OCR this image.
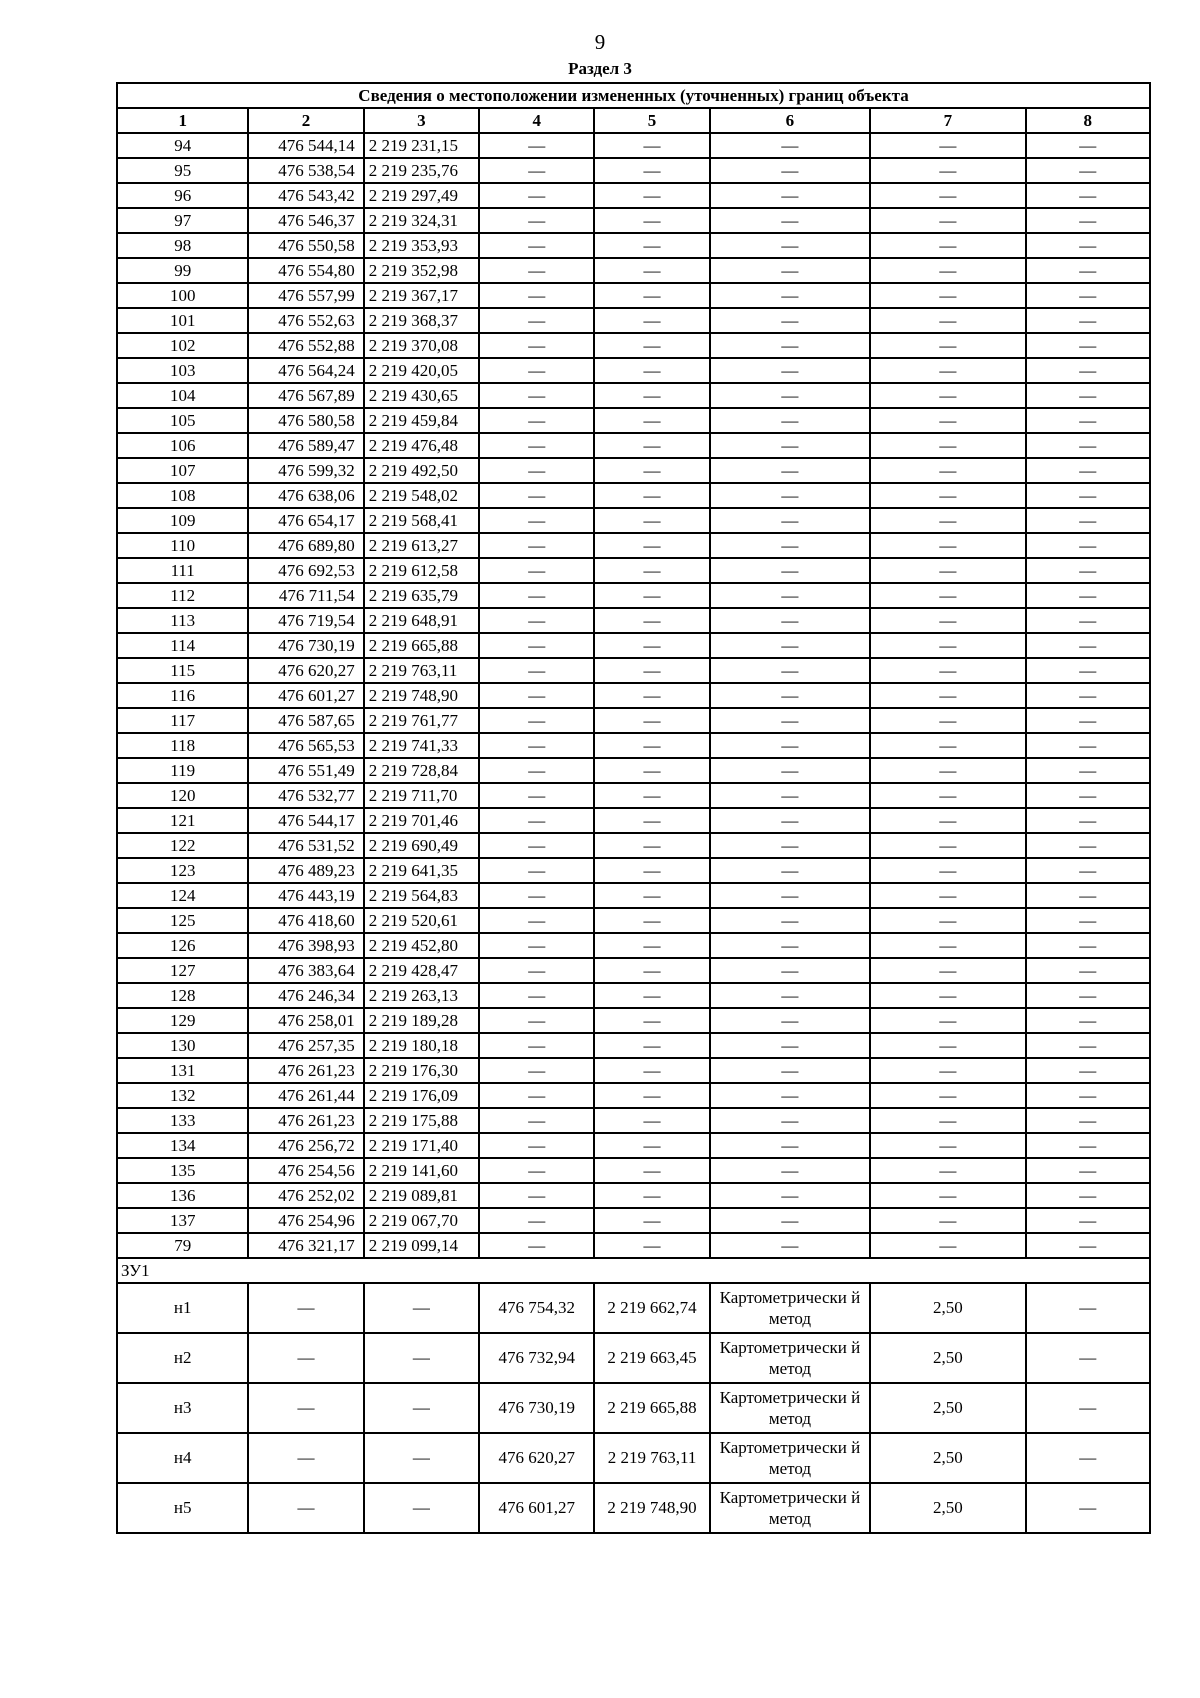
9
Раздел 3
Сведения о местоположении измененных (уточненных) границ объекта							
1	2	3	4	5	6	7	8
94	476 544,14	2 219 231,15	—	—	—	—	—
95	476 538,54	2 219 235,76	—	—	—	—	—
96	476 543,42	2 219 297,49	—	—	—	—	—
97	476 546,37	2 219 324,31	—	—	—	—	—
98	476 550,58	2 219 353,93	—	—	—	—	—
99	476 554,80	2 219 352,98	—	—	—	—	—
100	476 557,99	2 219 367,17	—	—	—	—	—
101	476 552,63	2 219 368,37	—	—	—	—	—
102	476 552,88	2 219 370,08	—	—	—	—	—
103	476 564,24	2 219 420,05	—	—	—	—	—
104	476 567,89	2 219 430,65	—	—	—	—	—
105	476 580,58	2 219 459,84	—	—	—	—	—
106	476 589,47	2 219 476,48	—	—	—	—	—
107	476 599,32	2 219 492,50	—	—	—	—	—
108	476 638,06	2 219 548,02	—	—	—	—	—
109	476 654,17	2 219 568,41	—	—	—	—	—
110	476 689,80	2 219 613,27	—	—	—	—	—
111	476 692,53	2 219 612,58	—	—	—	—	—
112	476 711,54	2 219 635,79	—	—	—	—	—
113	476 719,54	2 219 648,91	—	—	—	—	—
114	476 730,19	2 219 665,88	—	—	—	—	—
115	476 620,27	2 219 763,11	—	—	—	—	—
116	476 601,27	2 219 748,90	—	—	—	—	—
117	476 587,65	2 219 761,77	—	—	—	—	—
118	476 565,53	2 219 741,33	—	—	—	—	—
119	476 551,49	2 219 728,84	—	—	—	—	—
120	476 532,77	2 219 711,70	—	—	—	—	—
121	476 544,17	2 219 701,46	—	—	—	—	—
122	476 531,52	2 219 690,49	—	—	—	—	—
123	476 489,23	2 219 641,35	—	—	—	—	—
124	476 443,19	2 219 564,83	—	—	—	—	—
125	476 418,60	2 219 520,61	—	—	—	—	—
126	476 398,93	2 219 452,80	—	—	—	—	—
127	476 383,64	2 219 428,47	—	—	—	—	—
128	476 246,34	2 219 263,13	—	—	—	—	—
129	476 258,01	2 219 189,28	—	—	—	—	—
130	476 257,35	2 219 180,18	—	—	—	—	—
131	476 261,23	2 219 176,30	—	—	—	—	—
132	476 261,44	2 219 176,09	—	—	—	—	—
133	476 261,23	2 219 175,88	—	—	—	—	—
134	476 256,72	2 219 171,40	—	—	—	—	—
135	476 254,56	2 219 141,60	—	—	—	—	—
136	476 252,02	2 219 089,81	—	—	—	—	—
137	476 254,96	2 219 067,70	—	—	—	—	—
79	476 321,17	2 219 099,14	—	—	—	—	—
ЗУ1							
н1	—	—	476 754,32	2 219 662,74	Картометрически й метод	2,50	—
н2	—	—	476 732,94	2 219 663,45	Картометрически й метод	2,50	—
н3	—	—	476 730,19	2 219 665,88	Картометрически й метод	2,50	—
н4	—	—	476 620,27	2 219 763,11	Картометрически й метод	2,50	—
н5	—	—	476 601,27	2 219 748,90	Картометрически й метод	2,50	—
